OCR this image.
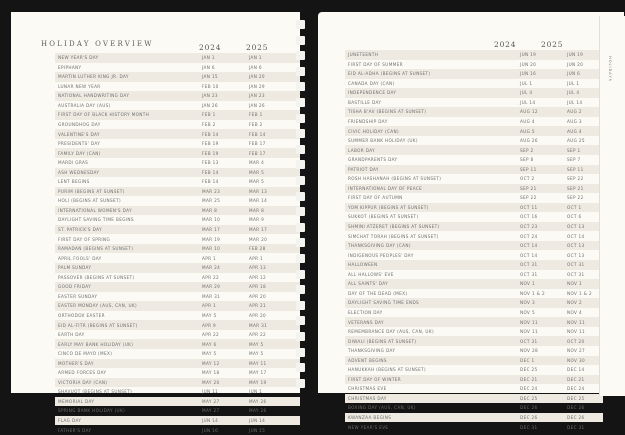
HOLIDAY OVERVIEW	2024	2025
NEW YEAR'S DAY	JAN 1	JAN 1
EPIPHANY	JAN 6	JAN 6
MARTIN LUTHER KING JR. DAY	JAN 15	JAN 20
LUNAR NEW YEAR	FEB 10	JAN 29
NATIONAL HANDWRITING DAY	JAN 23	JAN 23
AUSTRALIA DAY (AUS)	JAN 26	JAN 26
FIRST DAY OF BLACK HISTORY MONTH	FEB 1	FEB 1
GROUNDHOG DAY	FEB 2	FEB 2
VALENTINE'S DAY	FEB 14	FEB 14
PRESIDENTS' DAY	FEB 19	FEB 17
FAMILY DAY (CAN)	FEB 19	FEB 17
MARDI GRAS	FEB 13	MAR 4
ASH WEDNESDAY	FEB 14	MAR 5
LENT BEGINS	FEB 14	MAR 5
PURIM (BEGINS AT SUNSET)	MAR 23	MAR 13
HOLI (BEGINS AT SUNSET)	MAR 25	MAR 14
INTERNATIONAL WOMEN'S DAY	MAR 8	MAR 8
DAYLIGHT SAVING TIME BEGINS	MAR 10	MAR 9
ST. PATRICK'S DAY	MAR 17	MAR 17
FIRST DAY OF SPRING	MAR 19	MAR 20
RAMADAN (BEGINS AT SUNSET)	MAR 10	FEB 28
APRIL FOOLS' DAY	APR 1	APR 1
PALM SUNDAY	MAR 24	APR 13
PASSOVER (BEGINS AT SUNSET)	APR 22	APR 12
GOOD FRIDAY	MAR 29	APR 18
EASTER SUNDAY	MAR 31	APR 20
EASTER MONDAY (AUS, CAN, UK)	APR 1	APR 21
ORTHODOX EASTER	MAY 5	APR 20
EID AL-FITR (BEGINS AT SUNSET)	APR 9	MAR 31
EARTH DAY	APR 22	APR 22
EARLY MAY BANK HOLIDAY (UK)	MAY 6	MAY 5
CINCO DE MAYO (MEX)	MAY 5	MAY 5
MOTHER'S DAY	MAY 12	MAY 11
ARMED FORCES DAY	MAY 18	MAY 17
VICTORIA DAY (CAN)	MAY 20	MAY 19
SHAVUOT (BEGINS AT SUNSET)	JUN 11	JUN 1
MEMORIAL DAY	MAY 27	MAY 26
SPRING BANK HOLIDAY (UK)	MAY 27	MAY 26
FLAG DAY	JUN 14	JUN 14
FATHER'S DAY	JUN 16	JUN 15
2024	2025
JUNETEENTH	JUN 19	JUN 19
FIRST DAY OF SUMMER	JUN 20	JUN 20
EID AL-ADHA (BEGINS AT SUNSET)	JUN 16	JUN 6
CANADA DAY (CAN)	JUL 1	JUL 1
INDEPENDENCE DAY	JUL 4	JUL 4
BASTILLE DAY	JUL 14	JUL 14
TISHA B'AV (BEGINS AT SUNSET)	AUG 12	AUG 2
FRIENDSHIP DAY	AUG 4	AUG 3
CIVIC HOLIDAY (CAN)	AUG 5	AUG 4
SUMMER BANK HOLIDAY (UK)	AUG 26	AUG 25
LABOR DAY	SEP 2	SEP 1
GRANDPARENTS DAY	SEP 8	SEP 7
PATRIOT DAY	SEP 11	SEP 11
ROSH HASHANAH (BEGINS AT SUNSET)	OCT 2	SEP 22
INTERNATIONAL DAY OF PEACE	SEP 21	SEP 21
FIRST DAY OF AUTUMN	SEP 22	SEP 22
YOM KIPPUR (BEGINS AT SUNSET)	OCT 11	OCT 1
SUKKOT (BEGINS AT SUNSET)	OCT 16	OCT 6
SHMINI ATZERET (BEGINS AT SUNSET)	OCT 23	OCT 13
SIMCHAT TORAH (BEGINS AT SUNSET)	OCT 24	OCT 14
THANKSGIVING DAY (CAN)	OCT 14	OCT 13
INDIGENOUS PEOPLES' DAY	OCT 14	OCT 13
HALLOWEEN	OCT 31	OCT 31
ALL HALLOWS' EVE	OCT 31	OCT 31
ALL SAINTS' DAY	NOV 1	NOV 1
DAY OF THE DEAD (MEX)	NOV 1 & 2	NOV 1 & 2
DAYLIGHT SAVING TIME ENDS	NOV 3	NOV 2
ELECTION DAY	NOV 5	NOV 4
VETERANS DAY	NOV 11	NOV 11
REMEMBRANCE DAY (AUS, CAN, UK)	NOV 11	NOV 11
DIWALI (BEGINS AT SUNSET)	OCT 31	OCT 20
THANKSGIVING DAY	NOV 28	NOV 27
ADVENT BEGINS	DEC 1	NOV 30
HANUKKAH (BEGINS AT SUNSET)	DEC 25	DEC 14
FIRST DAY OF WINTER	DEC 21	DEC 21
CHRISTMAS EVE	DEC 24	DEC 24
CHRISTMAS DAY	DEC 25	DEC 25
BOXING DAY (AUS, CAN, UK)	DEC 26	DEC 26
KWANZAA BEGINS	DEC 26	DEC 26
NEW YEAR'S EVE	DEC 31	DEC 31
HOLIDAYS
